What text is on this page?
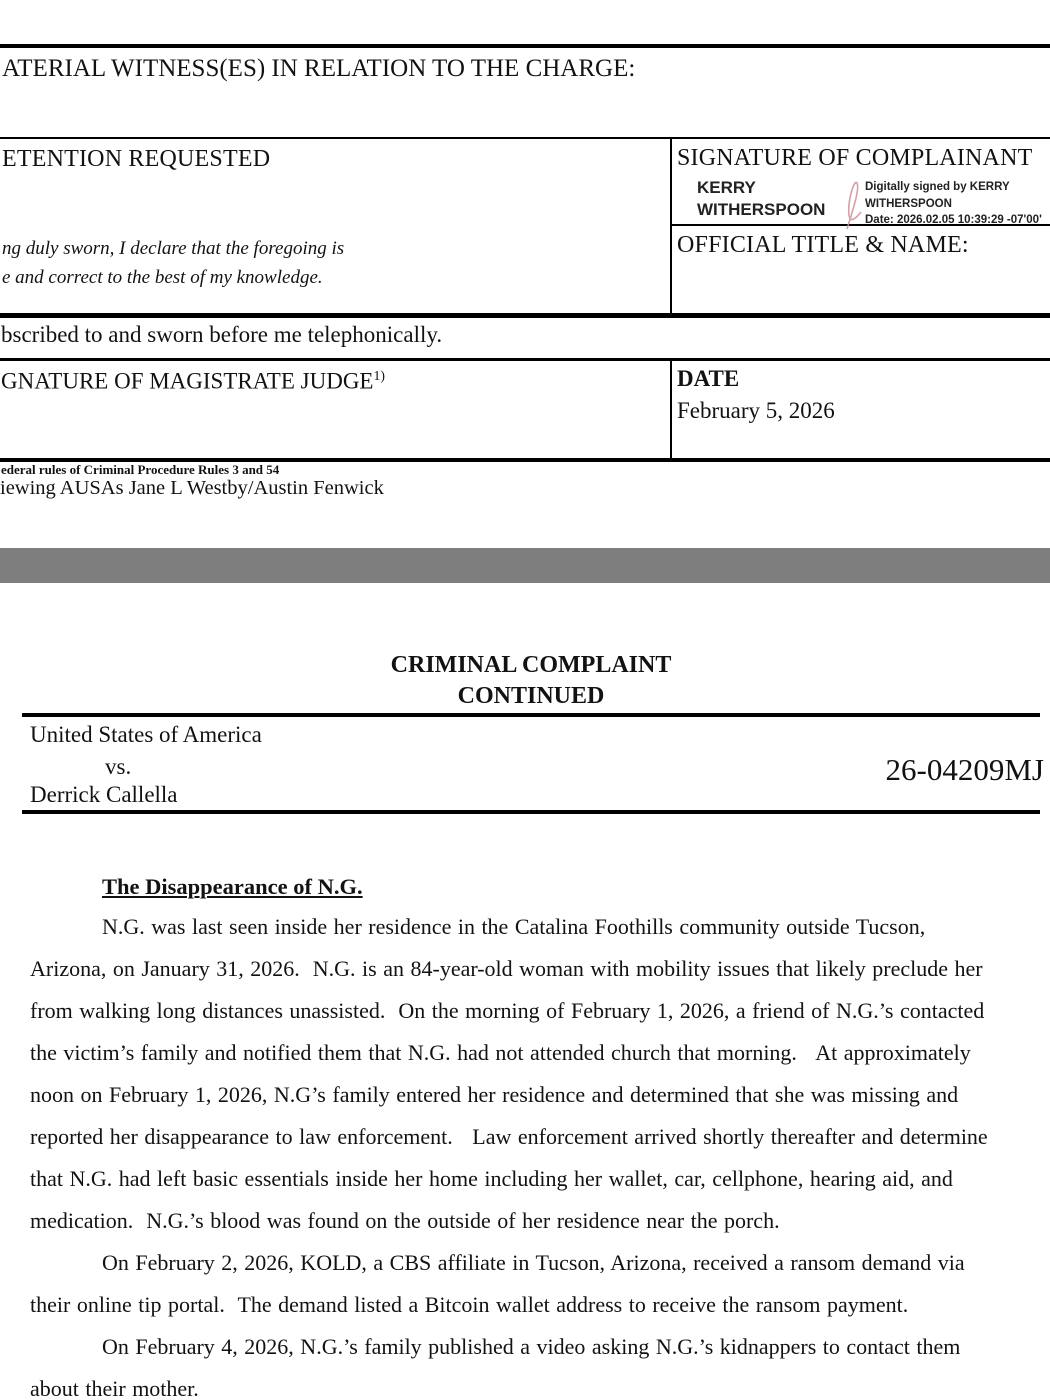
ATERIAL WITNESS(ES) IN RELATION TO THE CHARGE:
ETENTION REQUESTED
ng duly sworn, I declare that the foregoing is
e and correct to the best of my knowledge.
SIGNATURE OF COMPLAINANT
KERRY
WITHERSPOON
Digitally signed by KERRY
WITHERSPOON
Date: 2026.02.05 10:39:29 -07'00'
OFFICIAL TITLE & NAME:
bscribed to and sworn before me telephonically.
GNATURE OF MAGISTRATE JUDGE$^{1)}$	DATE
February 5, 2026
ederal rules of Criminal Procedure Rules 3 and 54
iewing AUSAs Jane L Westby/Austin Fenwick
CRIMINAL COMPLAINT
CONTINUED
United States of America
vs.
Derrick Callella
26-04209MJ
The Disappearance of N.G.
N.G. was last seen inside her residence in the Catalina Foothills community outside Tucson,
Arizona, on January 31, 2026.  N.G. is an 84-year-old woman with mobility issues that likely preclude her
from walking long distances unassisted.  On the morning of February 1, 2026, a friend of N.G.’s contacted
the victim’s family and notified them that N.G. had not attended church that morning.   At approximately
noon on February 1, 2026, N.G’s family entered her residence and determined that she was missing and
reported her disappearance to law enforcement.   Law enforcement arrived shortly thereafter and determine
that N.G. had left basic essentials inside her home including her wallet, car, cellphone, hearing aid, and
medication.  N.G.’s blood was found on the outside of her residence near the porch.
On February 2, 2026, KOLD, a CBS affiliate in Tucson, Arizona, received a ransom demand via
their online tip portal.  The demand listed a Bitcoin wallet address to receive the ransom payment.
On February 4, 2026, N.G.’s family published a video asking N.G.’s kidnappers to contact them
about their mother.
